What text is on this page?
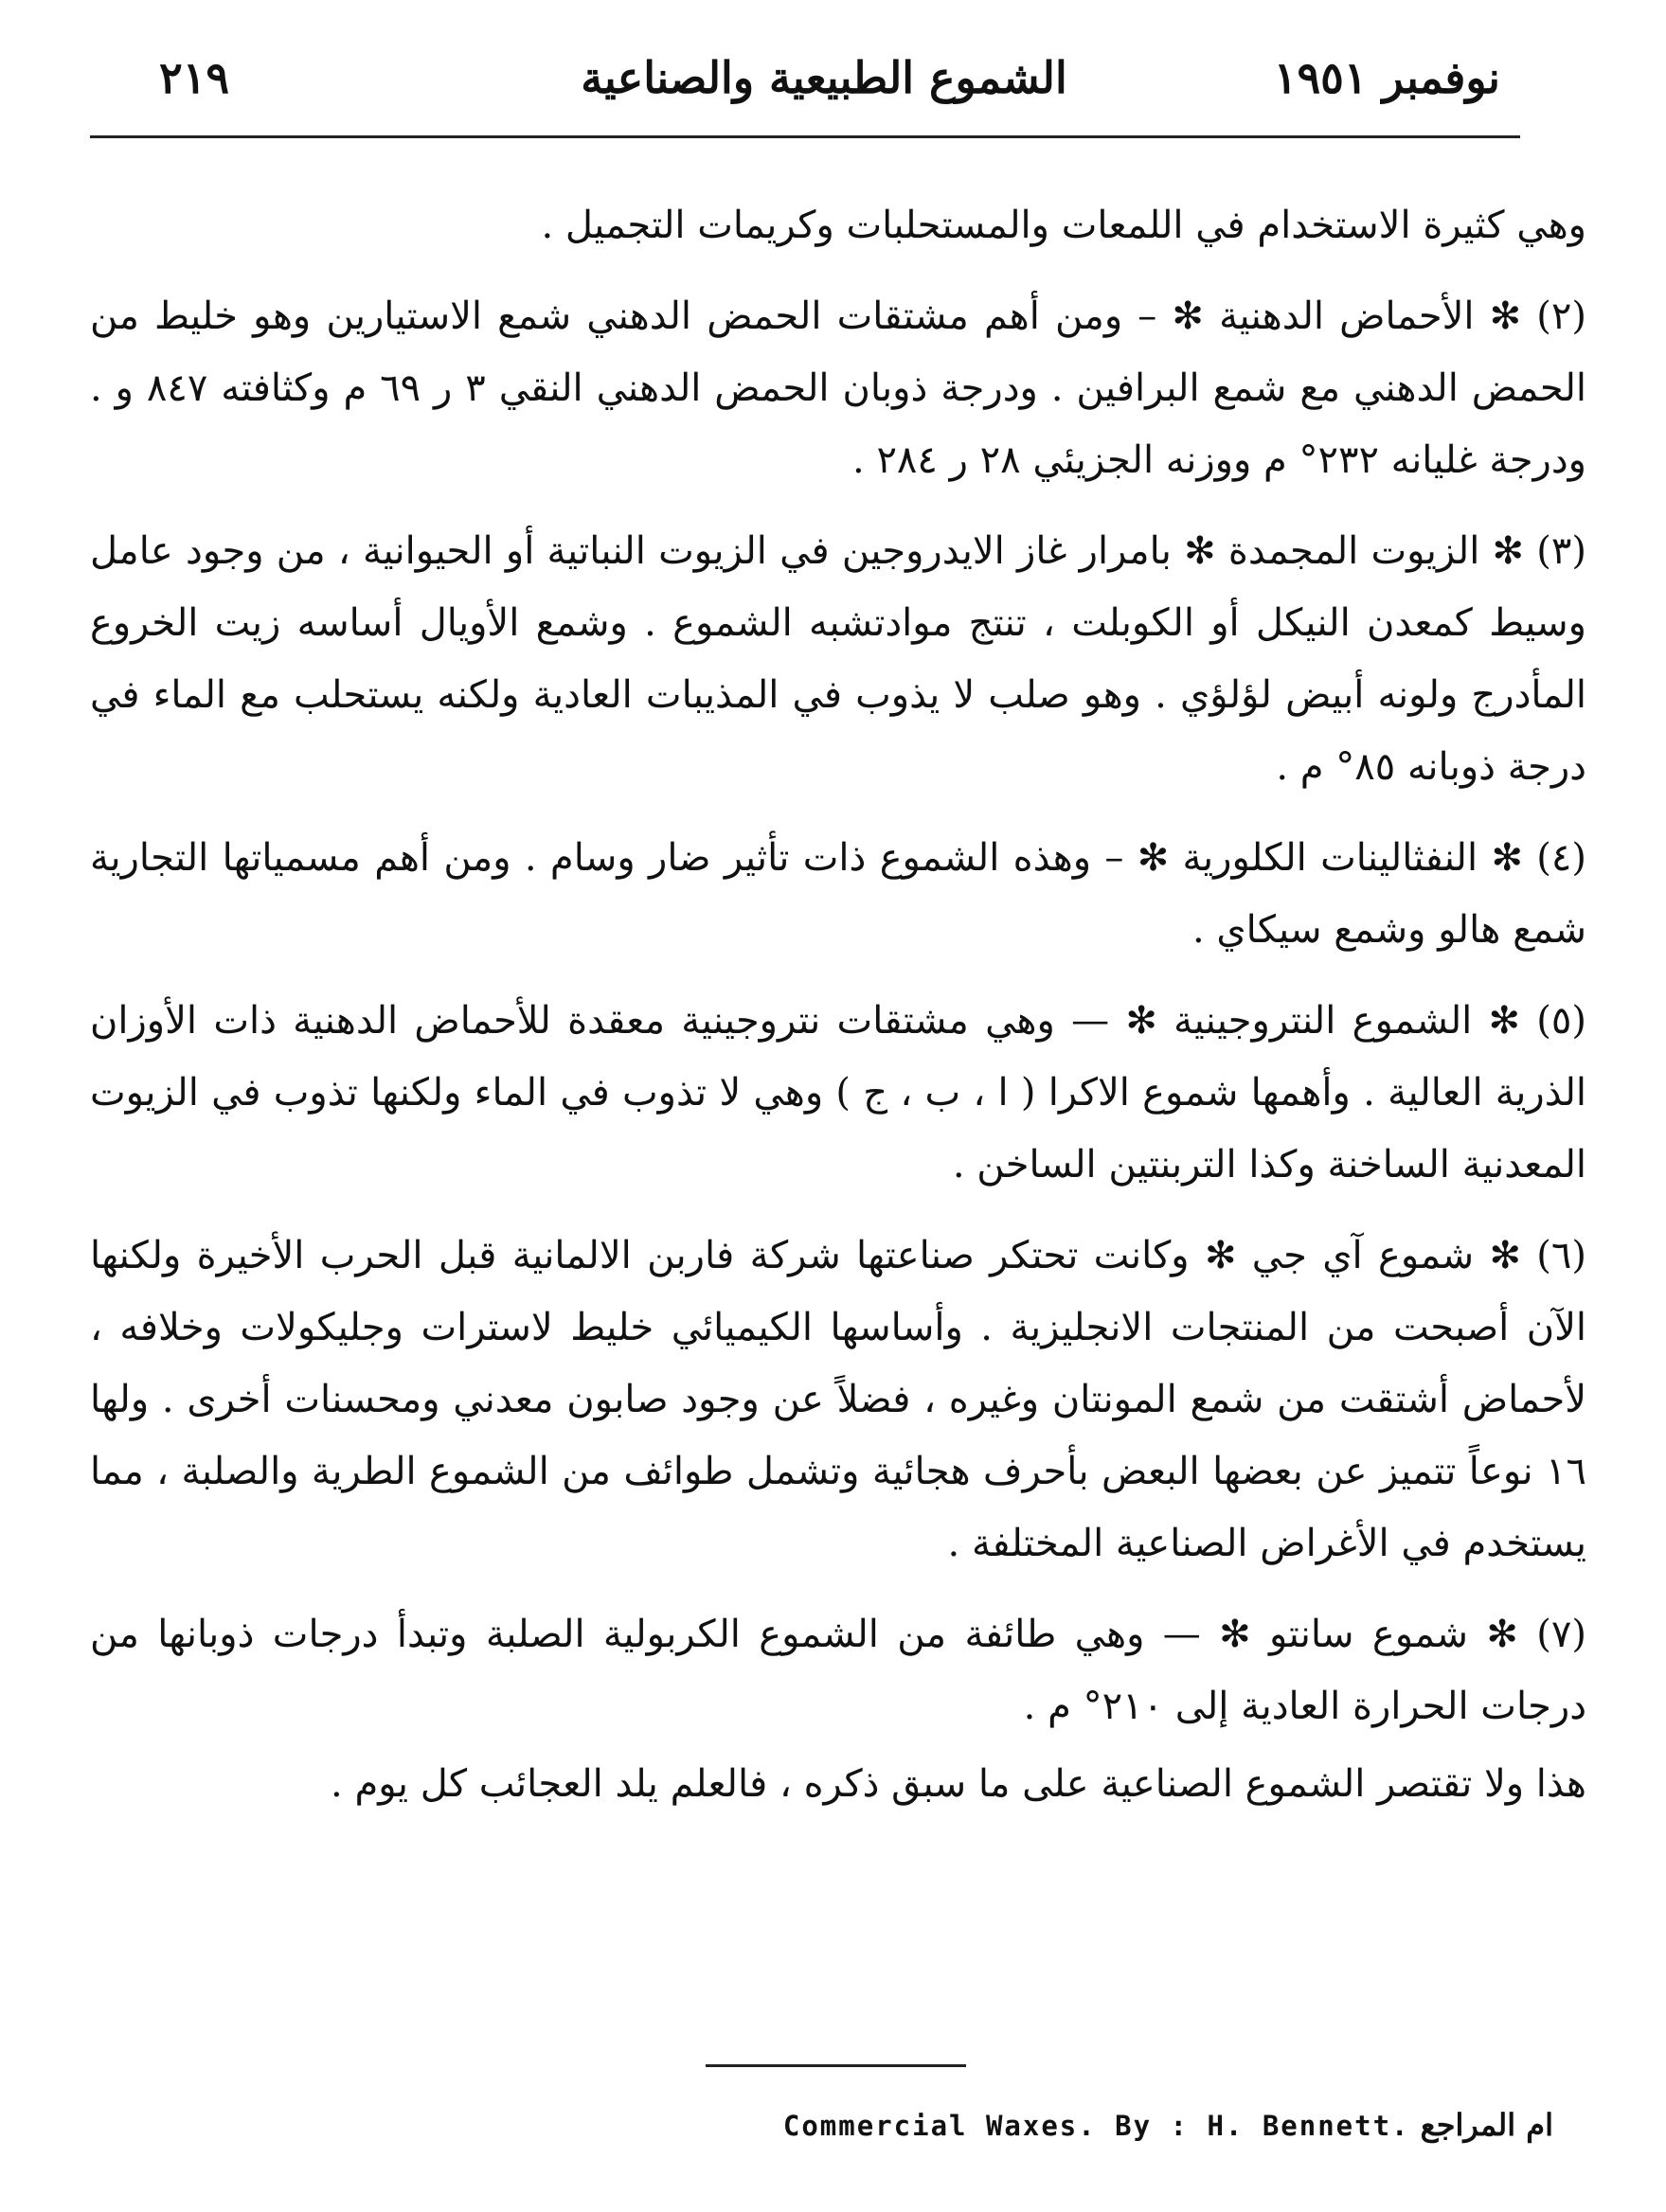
٢١٩	الشموع الطبيعية والصناعية	نوفمبر ١٩٥١

وهي كثيرة الاستخدام في اللمعات والمستحلبات وكريمات التجميل .

(٢) ✻ الأحماض الدهنية ✻ – ومن أهم مشتقات الحمض الدهني شمع الاستيارين وهو خليط من الحمض الدهني مع شمع البرافين . ودرجة ذوبان الحمض الدهني النقي ٣ ر ٦٩ م وكثافته ٨٤٧ و . ودرجة غليانه ٢٣٢° م ووزنه الجزيئي ٢٨ ر ٢٨٤ .

(٣) ✻ الزيوت المجمدة ✻ بامرار غاز الايدروجين في الزيوت النباتية أو الحيوانية ، من وجود عامل وسيط كمعدن النيكل أو الكوبلت ، تنتج موادتشبه الشموع . وشمع الأويال أساسه زيت الخروع المأدرج ولونه أبيض لؤلؤي . وهو صلب لا يذوب في المذيبات العادية ولكنه يستحلب مع الماء في درجة ذوبانه ٨٥° م .

(٤) ✻ النفثالينات الكلورية ✻ – وهذه الشموع ذات تأثير ضار وسام . ومن أهم مسمياتها التجارية شمع هالو وشمع سيكاي .

(٥) ✻ الشموع النتروجينية ✻ — وهي مشتقات نتروجينية معقدة للأحماض الدهنية ذات الأوزان الذرية العالية . وأهمها شموع الاكرا ( ا ، ب ، ج ) وهي لا تذوب في الماء ولكنها تذوب في الزيوت المعدنية الساخنة وكذا التربنتين الساخن .

(٦) ✻ شموع آي جي ✻ وكانت تحتكر صناعتها شركة فاربن الالمانية قبل الحرب الأخيرة ولكنها الآن أصبحت من المنتجات الانجليزية . وأساسها الكيميائي خليط لاسترات وجليكولات وخلافه ، لأحماض أشتقت من شمع المونتان وغيره ، فضلاً عن وجود صابون معدني ومحسنات أخرى . ولها ١٦ نوعاً تتميز عن بعضها البعض بأحرف هجائية وتشمل طوائف من الشموع الطرية والصلبة ، مما يستخدم في الأغراض الصناعية المختلفة .

(٧) ✻ شموع سانتو ✻ — وهي طائفة من الشموع الكربولية الصلبة وتبدأ درجات ذوبانها من درجات الحرارة العادية إلى ٢١٠° م .

هذا ولا تقتصر الشموع الصناعية على ما سبق ذكره ، فالعلم يلد العجائب كل يوم .

ام المراجع Commercial Waxes. By : H. Bennett.
